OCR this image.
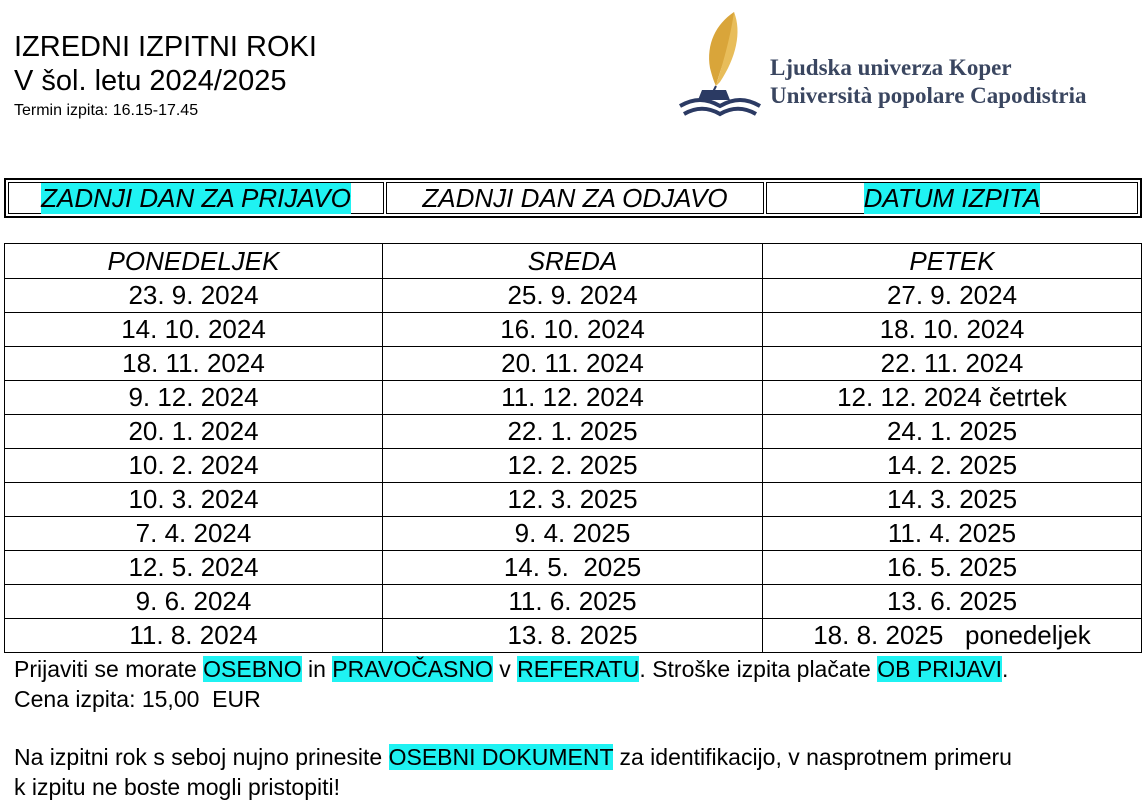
IZREDNI IZPITNI ROKI
V šol. letu 2024/2025
Termin izpita: 16.15-17.45
Ljudska univerza Koper
Università popolare Capodistria
ZADNJI DAN ZA PRIJAVO	ZADNJI DAN ZA ODJAVO	DATUM IZPITA
PONEDELJEK	SREDA	PETEK
23. 9. 2024	25. 9. 2024	27. 9. 2024
14. 10. 2024	16. 10. 2024	18. 10. 2024
18. 11. 2024	20. 11. 2024	22. 11. 2024
9. 12. 2024	11. 12. 2024	12. 12. 2024 četrtek
20. 1. 2024	22. 1. 2025	24. 1. 2025
10. 2. 2024	12. 2. 2025	14. 2. 2025
10. 3. 2024	12. 3. 2025	14. 3. 2025
7. 4. 2024	9. 4. 2025	11. 4. 2025
12. 5. 2024	14. 5.  2025	16. 5. 2025
9. 6. 2024	11. 6. 2025	13. 6. 2025
11. 8. 2024	13. 8. 2025	18. 8. 2025   ponedeljek
Prijaviti se morate OSEBNO in PRAVOČASNO v REFERATU. Stroške izpita plačate OB PRIJAVI.
Cena izpita: 15,00  EUR
Na izpitni rok s seboj nujno prinesite OSEBNI DOKUMENT za identifikacijo, v nasprotnem primeru
k izpitu ne boste mogli pristopiti!
